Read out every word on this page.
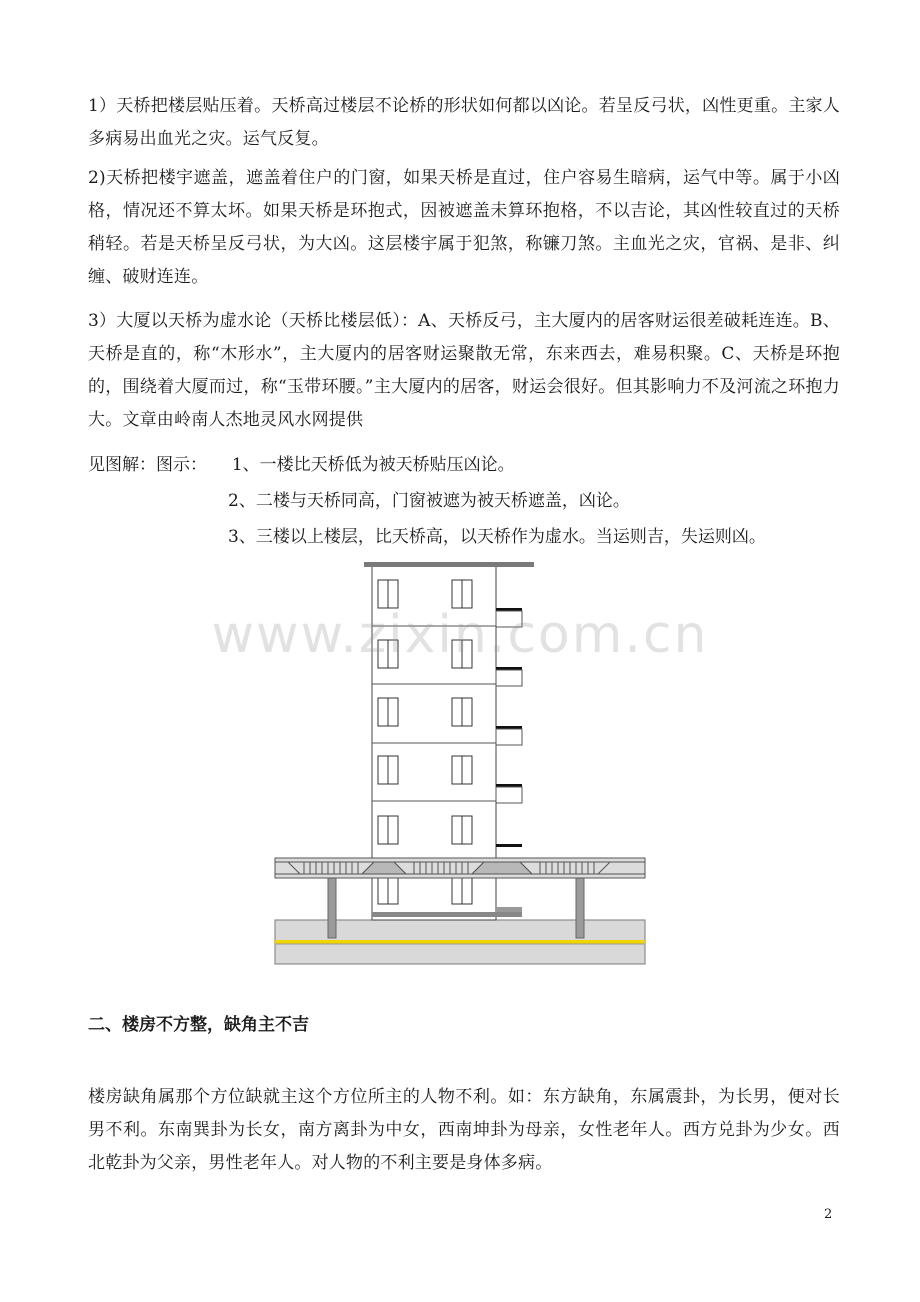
1）天桥把楼层贴压着。天桥高过楼层不论桥的形状如何都以凶论。若呈反弓状，凶性更重。主家人多病易出血光之灾。运气反复。

2)天桥把楼宇遮盖，遮盖着住户的门窗，如果天桥是直过，住户容易生暗病，运气中等。属于小凶格，情况还不算太坏。如果天桥是环抱式，因被遮盖未算环抱格，不以吉论，其凶性较直过的天桥稍轻。若是天桥呈反弓状，为大凶。这层楼宇属于犯煞，称镰刀煞。主血光之灾，官祸、是非、纠缠、破财连连。

3）大厦以天桥为虚水论（天桥比楼层低）：A、天桥反弓，主大厦内的居客财运很差破耗连连。B、天桥是直的，称“木形水”，主大厦内的居客财运聚散无常，东来西去，难易积聚。C、天桥是环抱的，围绕着大厦而过，称“玉带环腰。”主大厦内的居客，财运会很好。但其影响力不及河流之环抱力大。文章由岭南人杰地灵风水网提供

见图解：图示： 1、一楼比天桥低为被天桥贴压凶论。
2、二楼与天桥同高，门窗被遮为被天桥遮盖，凶论。
3、三楼以上楼层，比天桥高，以天桥作为虚水。当运则吉，失运则凶。
www.zixin.com.cn
二、楼房不方整，缺角主不吉

楼房缺角属那个方位缺就主这个方位所主的人物不利。如：东方缺角，东属震卦，为长男，便对长男不利。东南巽卦为长女，南方离卦为中女，西南坤卦为母亲，女性老年人。西方兑卦为少女。西北乾卦为父亲，男性老年人。对人物的不利主要是身体多病。

2
